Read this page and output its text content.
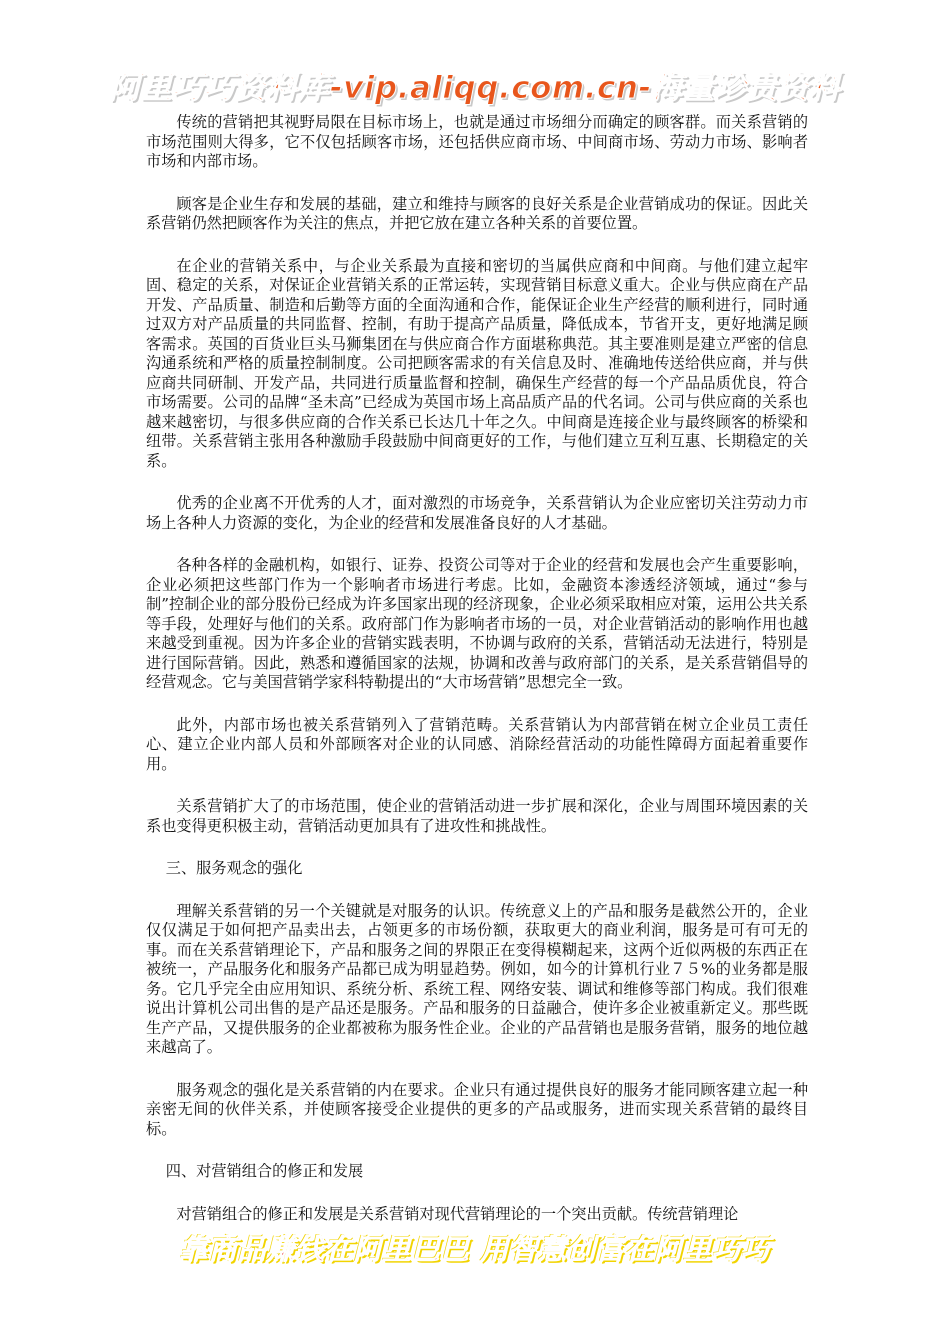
阿里巧巧资料库-vip.aliqq.com.cn-海量珍贵资料

传统的营销把其视野局限在目标市场上，也就是通过市场细分而确定的顾客群。而关系营销的市场范围则大得多，它不仅包括顾客市场，还包括供应商市场、中间商市场、劳动力市场、影响者市场和内部市场。

顾客是企业生存和发展的基础，建立和维持与顾客的良好关系是企业营销成功的保证。因此关系营销仍然把顾客作为关注的焦点，并把它放在建立各种关系的首要位置。

在企业的营销关系中，与企业关系最为直接和密切的当属供应商和中间商。与他们建立起牢固、稳定的关系，对保证企业营销关系的正常运转，实现营销目标意义重大。企业与供应商在产品开发、产品质量、制造和后勤等方面的全面沟通和合作，能保证企业生产经营的顺利进行，同时通过双方对产品质量的共同监督、控制，有助于提高产品质量，降低成本，节省开支，更好地满足顾客需求。英国的百货业巨头马狮集团在与供应商合作方面堪称典范。其主要准则是建立严密的信息沟通系统和严格的质量控制制度。公司把顾客需求的有关信息及时、准确地传送给供应商，并与供应商共同研制、开发产品，共同进行质量监督和控制，确保生产经营的每一个产品品质优良，符合市场需要。公司的品牌“圣未高”已经成为英国市场上高品质产品的代名词。公司与供应商的关系也越来越密切，与很多供应商的合作关系已长达几十年之久。中间商是连接企业与最终顾客的桥梁和纽带。关系营销主张用各种激励手段鼓励中间商更好的工作，与他们建立互利互惠、长期稳定的关系。

优秀的企业离不开优秀的人才，面对激烈的市场竞争，关系营销认为企业应密切关注劳动力市场上各种人力资源的变化，为企业的经营和发展准备良好的人才基础。

各种各样的金融机构，如银行、证券、投资公司等对于企业的经营和发展也会产生重要影响，企业必须把这些部门作为一个影响者市场进行考虑。比如，金融资本渗透经济领域，通过“参与制”控制企业的部分股份已经成为许多国家出现的经济现象，企业必须采取相应对策，运用公共关系等手段，处理好与他们的关系。政府部门作为影响者市场的一员，对企业营销活动的影响作用也越来越受到重视。因为许多企业的营销实践表明，不协调与政府的关系，营销活动无法进行，特别是进行国际营销。因此，熟悉和遵循国家的法规，协调和改善与政府部门的关系，是关系营销倡导的经营观念。它与美国营销学家科特勒提出的“大市场营销”思想完全一致。

此外，内部市场也被关系营销列入了营销范畴。关系营销认为内部营销在树立企业员工责任心、建立企业内部人员和外部顾客对企业的认同感、消除经营活动的功能性障碍方面起着重要作用。

关系营销扩大了的市场范围，使企业的营销活动进一步扩展和深化，企业与周围环境因素的关系也变得更积极主动，营销活动更加具有了进攻性和挑战性。

三、服务观念的强化

理解关系营销的另一个关键就是对服务的认识。传统意义上的产品和服务是截然公开的，企业仅仅满足于如何把产品卖出去，占领更多的市场份额，获取更大的商业利润，服务是可有可无的事。而在关系营销理论下，产品和服务之间的界限正在变得模糊起来，这两个近似两极的东西正在被统一，产品服务化和服务产品都已成为明显趋势。例如，如今的计算机行业７５%的业务都是服务。它几乎完全由应用知识、系统分析、系统工程、网络安装、调试和维修等部门构成。我们很难说出计算机公司出售的是产品还是服务。产品和服务的日益融合，使许多企业被重新定义。那些既生产产品，又提供服务的企业都被称为服务性企业。企业的产品营销也是服务营销，服务的地位越来越高了。

服务观念的强化是关系营销的内在要求。企业只有通过提供良好的服务才能同顾客建立起一种亲密无间的伙伴关系，并使顾客接受企业提供的更多的产品或服务，进而实现关系营销的最终目标。

四、对营销组合的修正和发展

对营销组合的修正和发展是关系营销对现代营销理论的一个突出贡献。传统营销理论

靠商品赚钱在阿里巴巴 用智慧创富在阿里巧巧
